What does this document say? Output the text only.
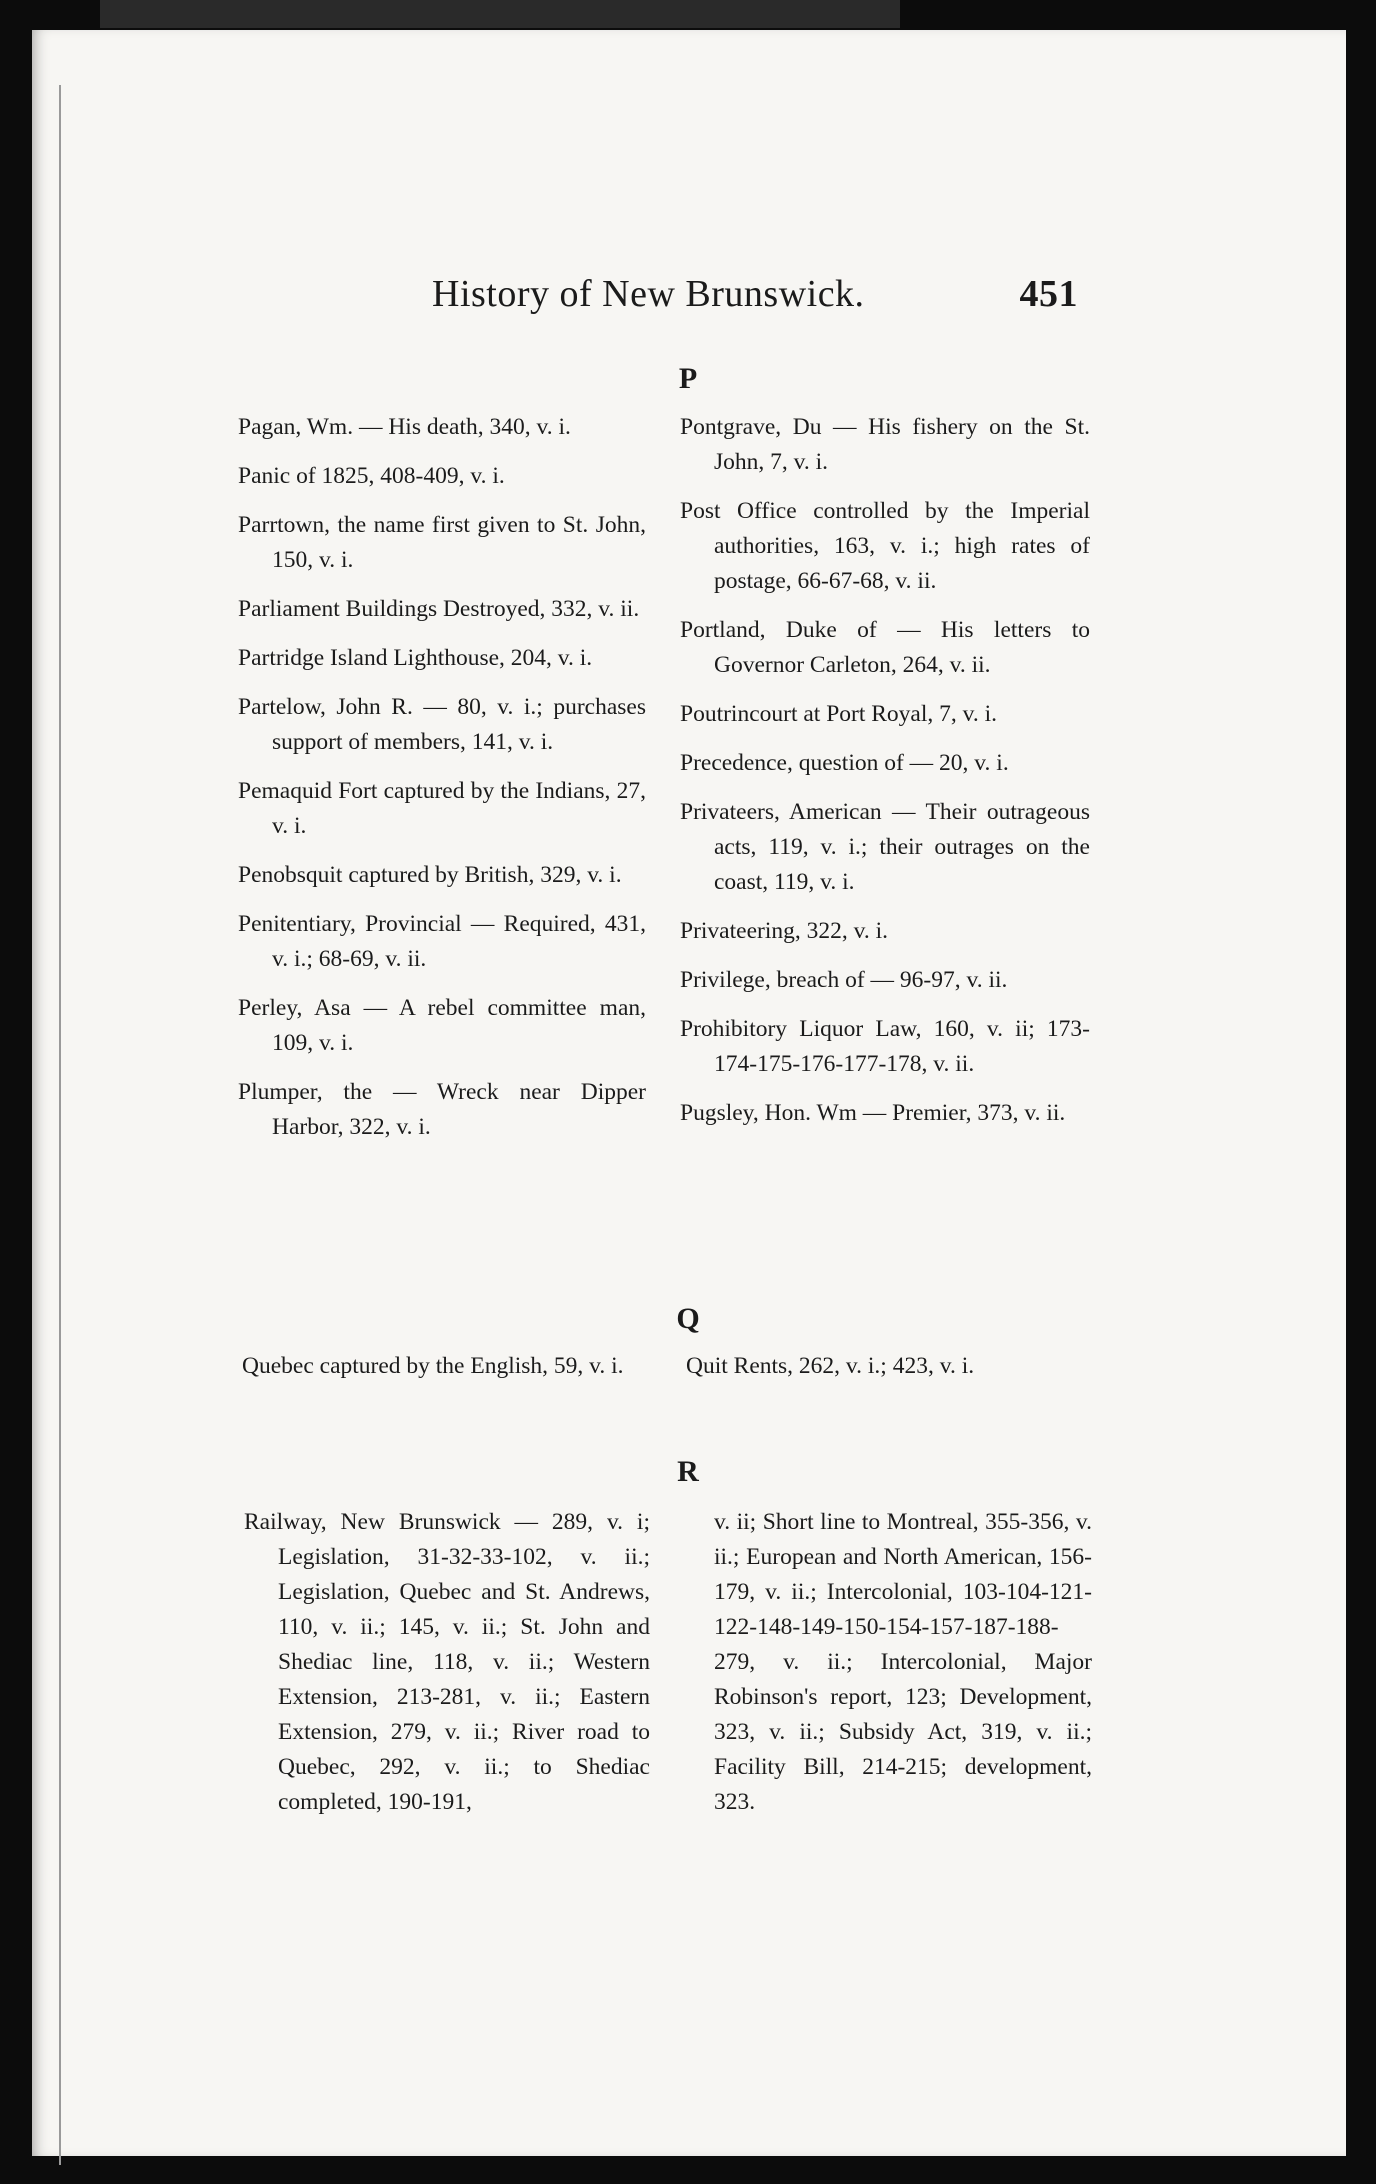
History of New Brunswick.	451
P

Pagan, Wm. — His death, 340, v. i.

Panic of 1825, 408-409, v. i.

Parrtown, the name first given to St. John, 150, v. i.

Parliament Buildings Destroyed, 332, v. ii.

Partridge Island Lighthouse, 204, v. i.

Partelow, John R. — 80, v. i.; purchases support of members, 141, v. i.

Pemaquid Fort captured by the Indians, 27, v. i.

Penobsquit captured by British, 329, v. i.

Penitentiary, Provincial — Required, 431, v. i.; 68-69, v. ii.

Perley, Asa — A rebel committee man, 109, v. i.

Plumper, the — Wreck near Dipper Harbor, 322, v. i.

Pontgrave, Du — His fishery on the St. John, 7, v. i.

Post Office controlled by the Imperial authorities, 163, v. i.; high rates of postage, 66-67-68, v. ii.

Portland, Duke of — His letters to Governor Carleton, 264, v. ii.

Poutrincourt at Port Royal, 7, v. i.

Precedence, question of — 20, v. i.

Privateers, American — Their outrageous acts, 119, v. i.; their outrages on the coast, 119, v. i.

Privateering, 322, v. i.

Privilege, breach of — 96-97, v. ii.

Prohibitory Liquor Law, 160, v. ii; 173-174-175-176-177-178, v. ii.

Pugsley, Hon. Wm — Premier, 373, v. ii.

Q

Quebec captured by the English, 59, v. i.	Quit Rents, 262, v. i.; 423, v. i.

R

Railway, New Brunswick — 289, v. i; Legislation, 31-32-33-102, v. ii.; Legislation, Quebec and St. Andrews, 110, v. ii.; 145, v. ii.; St. John and Shediac line, 118, v. ii.; Western Extension, 213-281, v. ii.; Eastern Extension, 279, v. ii.; River road to Quebec, 292, v. ii.; to Shediac completed, 190-191,

v. ii; Short line to Montreal, 355-356, v. ii.; European and North American, 156-179, v. ii.; Intercolonial, 103-104-121-122-148-149-150-154-157-187-188-279, v. ii.; Intercolonial, Major Robinson's report, 123; Development, 323, v. ii.; Subsidy Act, 319, v. ii.; Facility Bill, 214-215; development, 323.
